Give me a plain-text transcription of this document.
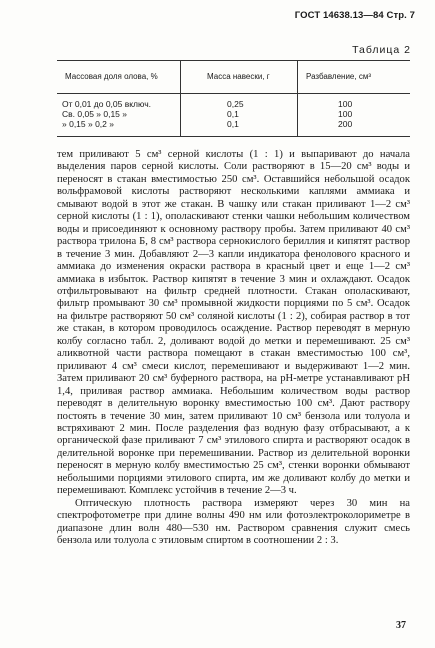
ГОСТ 14638.13—84 Стр. 7
Таблица 2
Массовая доля олова, %	Масса навески, г	Разбавление, см³
От 0,01 до 0,05 включ.	0,25	100
Св. 0,05 » 0,15 »	0,1	100
» 0,15 » 0,2 »	0,1	200

тем приливают 5 см³ серной кислоты (1 : 1) и выпаривают до начала выделения паров серной кислоты. Соли растворяют в 15—20 см³ воды и переносят в стакан вместимостью 250 см³. Оставшийся небольшой осадок вольфрамовой кислоты растворяют несколькими каплями аммиака и смывают водой в этот же стакан. В чашку или стакан приливают 1—2 см³ серной кислоты (1 : 1), ополаскивают стенки чашки небольшим количеством воды и присоединяют к основному раствору пробы. Затем приливают 40 см³ раствора трилона Б, 8 см³ раствора сернокислого бериллия и кипятят раствор в течение 3 мин. Добавляют 2—3 капли индикатора фенолового красного и аммиака до изменения окраски раствора в красный цвет и еще 1—2 см³ аммиака в избыток. Раствор кипятят в течение 3 мин и охлаждают. Осадок отфильтровывают на фильтр средней плотности. Стакан ополаскивают, фильтр промывают 30 см³ промывной жидкости порциями по 5 см³. Осадок на фильтре растворяют 50 см³ соляной кислоты (1 : 2), собирая раствор в тот же стакан, в котором проводилось осаждение. Раствор переводят в мерную колбу согласно табл. 2, доливают водой до метки и перемешивают. 25 см³ аликвотной части раствора помещают в стакан вместимостью 100 см³, приливают 4 см³ смеси кислот, перемешивают и выдерживают 1—2 мин. Затем приливают 20 см³ буферного раствора, на рН-метре устанавливают рН 1,4, приливая раствор аммиака. Небольшим количеством воды раствор переводят в делительную воронку вместимостью 100 см³. Дают раствору постоять в течение 30 мин, затем приливают 10 см³ бензола или толуола и встряхивают 2 мин. После разделения фаз водную фазу отбрасывают, а к органической фазе приливают 7 см³ этилового спирта и растворяют осадок в делительной воронке при перемешивании. Раствор из делительной воронки переносят в мерную колбу вместимостью 25 см³, стенки воронки обмывают небольшими порциями этилового спирта, им же доливают колбу до метки и перемешивают. Комплекс устойчив в течение 2—3 ч.

Оптическую плотность раствора измеряют через 30 мин на спектрофотометре при длине волны 490 нм или фотоэлектроколориметре в диапазоне длин волн 480—530 нм. Раствором сравнения служит смесь бензола или толуола с этиловым спиртом в соотношении 2 : 3.

37
